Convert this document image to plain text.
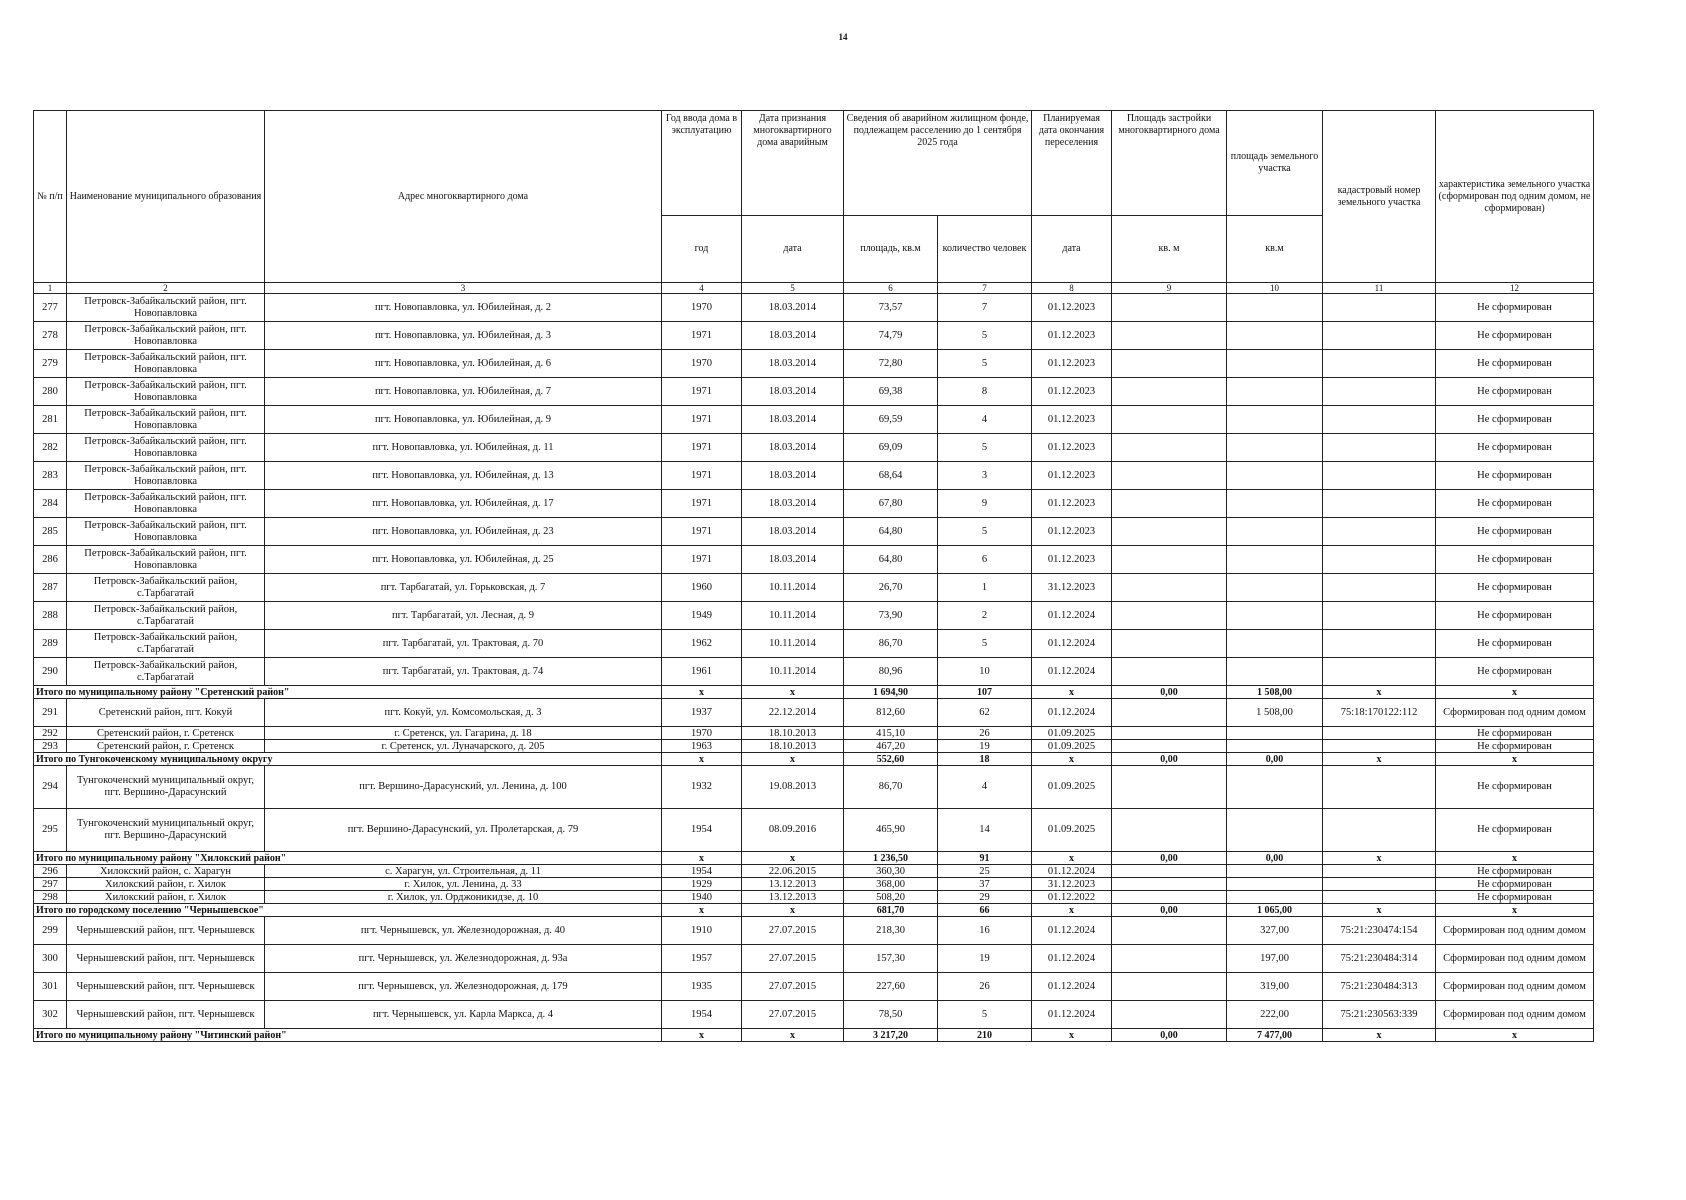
14
№ п/п	Наименование муниципального образования	Адрес многоквартирного дома	Год ввода дома в эксплуатацию	Дата признания многоквартирного дома аварийным	Сведения об аварийном жилищном фонде, подлежащем расселению до 1 сентября 2025 года		Планируемая дата окончания переселения	Площадь застройки многоквартирного дома	площадь земельного участка	кадастровый номер земельного участка	характеристика земельного участка (сформирован под одним домом, не сформирован)
			год	дата	площадь, кв.м	количество человек	дата	кв. м	кв.м		
1	2	3	4	5	6	7	8	9	10	11	12
277	Петровск-Забайкальский район, пгт. Новопавловка	пгт. Новопавловка, ул. Юбилейная, д. 2	1970	18.03.2014	73,57	7	01.12.2023				Не сформирован
278	Петровск-Забайкальский район, пгт. Новопавловка	пгт. Новопавловка, ул. Юбилейная, д. 3	1971	18.03.2014	74,79	5	01.12.2023				Не сформирован
279	Петровск-Забайкальский район, пгт. Новопавловка	пгт. Новопавловка, ул. Юбилейная, д. 6	1970	18.03.2014	72,80	5	01.12.2023				Не сформирован
280	Петровск-Забайкальский район, пгт. Новопавловка	пгт. Новопавловка, ул. Юбилейная, д. 7	1971	18.03.2014	69,38	8	01.12.2023				Не сформирован
281	Петровск-Забайкальский район, пгт. Новопавловка	пгт. Новопавловка, ул. Юбилейная, д. 9	1971	18.03.2014	69,59	4	01.12.2023				Не сформирован
282	Петровск-Забайкальский район, пгт. Новопавловка	пгт. Новопавловка, ул. Юбилейная, д. 11	1971	18.03.2014	69,09	5	01.12.2023				Не сформирован
283	Петровск-Забайкальский район, пгт. Новопавловка	пгт. Новопавловка, ул. Юбилейная, д. 13	1971	18.03.2014	68,64	3	01.12.2023				Не сформирован
284	Петровск-Забайкальский район, пгт. Новопавловка	пгт. Новопавловка, ул. Юбилейная, д. 17	1971	18.03.2014	67,80	9	01.12.2023				Не сформирован
285	Петровск-Забайкальский район, пгт. Новопавловка	пгт. Новопавловка, ул. Юбилейная, д. 23	1971	18.03.2014	64,80	5	01.12.2023				Не сформирован
286	Петровск-Забайкальский район, пгт. Новопавловка	пгт. Новопавловка, ул. Юбилейная, д. 25	1971	18.03.2014	64,80	6	01.12.2023				Не сформирован
287	Петровск-Забайкальский район, с.Тарбагатай	пгт. Тарбагатай, ул. Горьковская, д. 7	1960	10.11.2014	26,70	1	31.12.2023				Не сформирован
288	Петровск-Забайкальский район, с.Тарбагатай	пгт. Тарбагатай, ул. Лесная, д. 9	1949	10.11.2014	73,90	2	01.12.2024				Не сформирован
289	Петровск-Забайкальский район, с.Тарбагатай	пгт. Тарбагатай, ул. Трактовая, д. 70	1962	10.11.2014	86,70	5	01.12.2024				Не сформирован
290	Петровск-Забайкальский район, с.Тарбагатай	пгт. Тарбагатай, ул. Трактовая, д. 74	1961	10.11.2014	80,96	10	01.12.2024				Не сформирован
Итого по муниципальному району "Сретенский район"			x	x	1 694,90	107	x	0,00	1 508,00	x	x
291	Сретенский район, пгт. Кокуй	пгт. Кокуй, ул. Комсомольская, д. 3	1937	22.12.2014	812,60	62	01.12.2024		1 508,00	75:18:170122:112	Сформирован под одним домом
292	Сретенский район, г. Сретенск	г. Сретенск, ул. Гагарина, д. 18	1970	18.10.2013	415,10	26	01.09.2025				Не сформирован
293	Сретенский район, г. Сретенск	г. Сретенск, ул. Луначарского, д. 205	1963	18.10.2013	467,20	19	01.09.2025				Не сформирован
Итого по Тунгокоченскому муниципальному округу			x	x	552,60	18	x	0,00	0,00	x	x
294	Тунгокоченский муниципальный округ, пгт. Вершино-Дарасунский	пгт. Вершино-Дарасунский, ул. Ленина, д. 100	1932	19.08.2013	86,70	4	01.09.2025				Не сформирован
295	Тунгокоченский муниципальный округ, пгт. Вершино-Дарасунский	пгт. Вершино-Дарасунский, ул. Пролетарская, д. 79	1954	08.09.2016	465,90	14	01.09.2025				Не сформирован
Итого по муниципальному району "Хилокский район"			x	x	1 236,50	91	x	0,00	0,00	x	x
296	Хилокский район, с. Харагун	с. Харагун, ул. Строительная, д. 11	1954	22.06.2015	360,30	25	01.12.2024				Не сформирован
297	Хилокский район, г. Хилок	г. Хилок, ул. Ленина, д. 33	1929	13.12.2013	368,00	37	31.12.2023				Не сформирован
298	Хилокский район, г. Хилок	г. Хилок, ул. Орджоникидзе, д. 10	1940	13.12.2013	508,20	29	01.12.2022				Не сформирован
Итого по городскому поселению "Чернышевское"			x	x	681,70	66	x	0,00	1 065,00	x	x
299	Чернышевский район, пгт. Чернышевск	пгт. Чернышевск, ул. Железнодорожная, д. 40	1910	27.07.2015	218,30	16	01.12.2024		327,00	75:21:230474:154	Сформирован под одним домом
300	Чернышевский район, пгт. Чернышевск	пгт. Чернышевск, ул. Железнодорожная, д. 93а	1957	27.07.2015	157,30	19	01.12.2024		197,00	75:21:230484:314	Сформирован под одним домом
301	Чернышевский район, пгт. Чернышевск	пгт. Чернышевск, ул. Железнодорожная, д. 179	1935	27.07.2015	227,60	26	01.12.2024		319,00	75:21:230484:313	Сформирован под одним домом
302	Чернышевский район, пгт. Чернышевск	пгт. Чернышевск, ул. Карла Маркса, д. 4	1954	27.07.2015	78,50	5	01.12.2024		222,00	75:21:230563:339	Сформирован под одним домом
Итого по муниципальному району "Читинский район"			x	x	3 217,20	210	x	0,00	7 477,00	x	x
